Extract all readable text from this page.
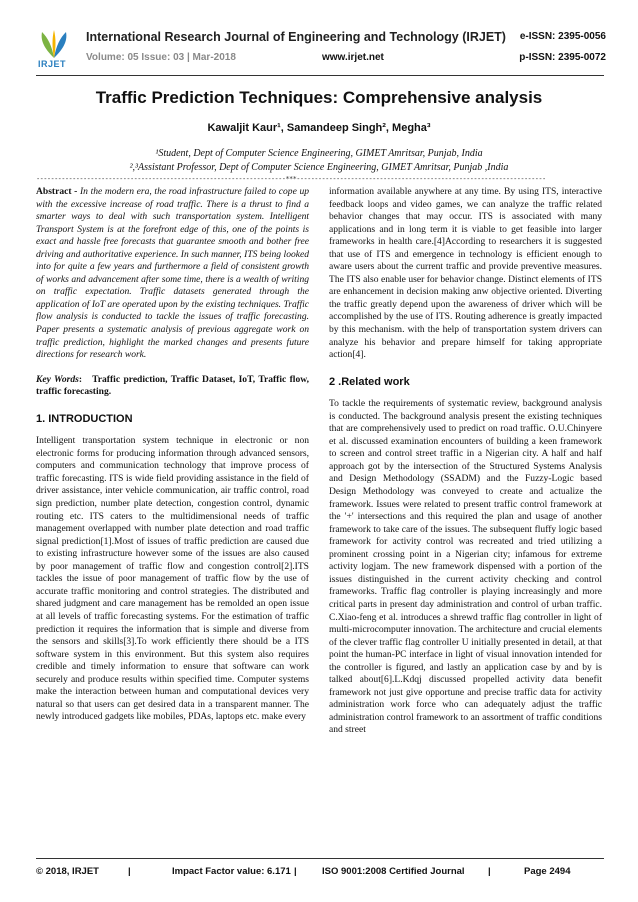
IRJET
International Research Journal of Engineering and Technology (IRJET) e-ISSN: 2395-0056
Volume: 05 Issue: 03 | Mar-2018	www.irjet.net	p-ISSN: 2395-0072
Traffic Prediction Techniques: Comprehensive analysis
Kawaljit Kaur¹, Samandeep Singh², Megha³
¹Student, Dept of Computer Science Engineering, GIMET Amritsar, Punjab, India
²,³Assistant Professor, Dept of Computer Science Engineering, GIMET Amritsar, Punjab ,India
---------------------------------------------------------------------***---------------------------------------------------------------------

Abstract - In the modern era, the road infrastructure failed to cope up with the excessive increase of road traffic. There is a thrust to find a smarter ways to deal with such transportation system. Intelligent Transport System is at the forefront edge of this, one of the points is exact and hassle free forecasts that guarantee smooth and bother free driving and authoritative experience. In such manner, ITS being looked into for quite a few years and furthermore a field of consistent growth of works and advancement after some time, there is a wealth of writing on traffic expectation. Traffic datasets generated through the application of IoT are operated upon by the existing techniques. Traffic flow analysis is conducted to tackle the issues of traffic forecasting. Paper presents a systematic analysis of previous aggregate work on traffic prediction, highlight the marked changes and presents future directions for research work.

Key Words:   Traffic prediction, Traffic Dataset, IoT, Traffic flow, traffic forecasting.

1. INTRODUCTION

Intelligent transportation system technique in electronic or non electronic forms for producing information through advanced sensors, computers and communication technology that improve process of traffic forecasting. ITS is wide field providing assistance in the field of driver assistance, inter vehicle communication, air traffic control, road sign prediction, number plate detection, congestion control, dynamic routing etc. ITS caters to the multidimensional needs of traffic management overlapped with number plate detection and road traffic signal prediction[1].Most of issues of traffic prediction are caused due to existing infrastructure however some of the issues are also caused by poor management of traffic flow and congestion control[2].ITS tackles the issue of poor management of traffic flow by the use of accurate traffic monitoring and control strategies. The distributed and shared judgment and care management has be remolded an open issue at all levels of traffic forecasting systems. For the estimation of traffic prediction it requires the information that is simple and diverse from the sensors and skills[3].To work efficiently there should be a ITS software system in this environment. But this system also requires credible and timely information to ensure that software can work securely and produce results within specified time. Computer systems make the interaction between human and computational devices very natural so that users can get desired data in a transparent manner. The newly introduced gadgets like mobiles, PDAs, laptops etc. make every

information available anywhere at any time. By using ITS, interactive feedback loops and video games, we can analyze the traffic related behavior changes that may occur. ITS is associated with many applications and in long term it is viable to get feasible into larger frameworks in health care.[4]According to researchers it is suggested that use of ITS and emergence in technology is efficient enough to aware users about the current traffic and provide preventive measures. The ITS also enable user for behavior change. Distinct elements of ITS are enhancement in decision making anw objective oriented. Diverting the traffic greatly depend upon the awareness of driver which will be accomplished by the use of ITS. Routing adherence is greatly impacted by this mechanism. with the help of transportation system drivers can analyze his behavior and prepare himself for taking appropriate action[4].

2 .Related work

To tackle the requirements of systematic review, background analysis is conducted. The background analysis present the existing techniques that are comprehensively used to predict on road traffic. O.U.Chinyere et al. discussed examination encounters of building a keen framework to screen and control street traffic in a Nigerian city. A half and half approach got by the intersection of the Structured Systems Analysis and Design Methodology (SSADM) and the Fuzzy-Logic based Design Methodology was conveyed to create and actualize the framework. Issues were related to present traffic control framework at the '+' intersections and this required the plan and usage of another framework to take care of the issues. The subsequent fluffy logic based framework for activity control was recreated and tried utilizing a prominent crossing point in a Nigerian city; infamous for extreme activity logjam. The new framework dispensed with a portion of the issues distinguished in the current activity checking and control frameworks. Traffic flag controller is playing increasingly and more critical parts in present day administration and control of urban traffic. C.Xiao-feng et al. introduces a shrewd traffic flag controller in light of multi-microcomputer innovation. The architecture and crucial elements of the clever traffic flag controller U initially presented in detail, at that point the human-PC interface in light of visual innovation intended for the controller is figured, and lastly an application case by and by is talked about[6].L.Kdqj discussed propelled activity data benefit framework not just give opportune and precise traffic data for activity administration work force who can adequately adjust the traffic administration control framework to an assortment of traffic conditions and street

© 2018, IRJET	|	Impact Factor value: 6.171 |	ISO 9001:2008 Certified Journal |	Page 2494
